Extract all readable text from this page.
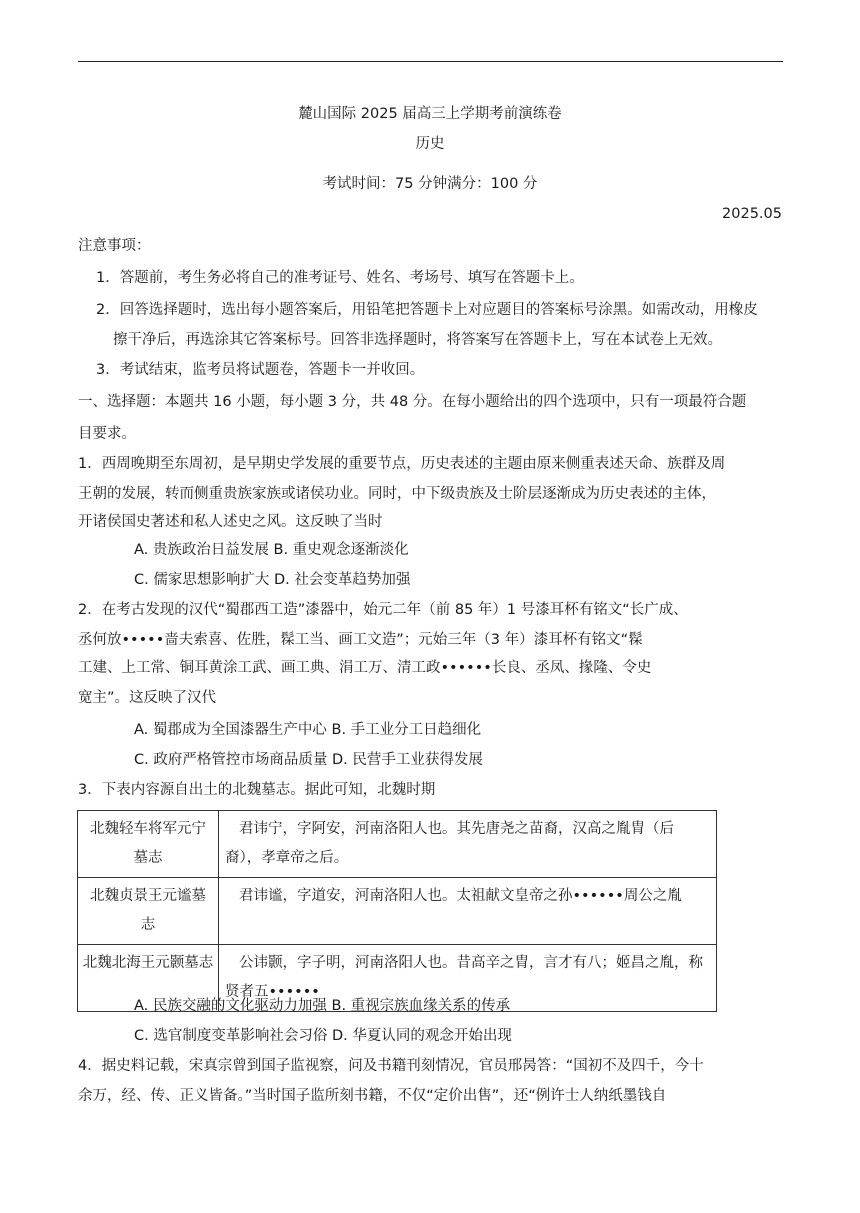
麓山国际 2025 届高三上学期考前演练卷
历史
考试时间：75 分钟满分：100 分
2025.05
注意事项：
1．答题前，考生务必将自己的准考证号、姓名、考场号、填写在答题卡上。
2．回答选择题时，选出每小题答案后，用铅笔把答题卡上对应题目的答案标号涂黑。如需改动，用橡皮
擦干净后，再选涂其它答案标号。回答非选择题时，将答案写在答题卡上，写在本试卷上无效。
3．考试结束，监考员将试题卷，答题卡一并收回。
一、选择题：本题共 16 小题，每小题 3 分，共 48 分。在每小题给出的四个选项中，只有一项最符合题
目要求。
1．西周晚期至东周初，是早期史学发展的重要节点，历史表述的主题由原来侧重表述天命、族群及周
王朝的发展，转而侧重贵族家族或诸侯功业。同时，中下级贵族及士阶层逐渐成为历史表述的主体，
开诸侯国史著述和私人述史之风。这反映了当时
A. 贵族政治日益发展 B. 重史观念逐渐淡化
C. 儒家思想影响扩大 D. 社会变革趋势加强
2．在考古发现的汉代“蜀郡西工造”漆器中，始元二年（前 85 年）1 号漆耳杯有铭文“长广成、
丞何放•••••啬夫索喜、佐胜，髹工当、画工文造”；元始三年（3 年）漆耳杯有铭文“髹
工建、上工常、铜耳黄涂工武、画工典、涓工万、清工政••••••长良、丞凤、掾隆、令史
宽主”。这反映了汉代
A. 蜀郡成为全国漆器生产中心 B. 手工业分工日趋细化
C. 政府严格管控市场商品质量 D. 民营手工业获得发展
3．下表内容源自出土的北魏墓志。据此可知，北魏时期
北魏轻车将军元宁墓志	君讳宁，字阿安，河南洛阳人也。其先唐尧之苗裔，汉高之胤胄（后裔），孝章帝之后。
北魏贞景王元谧墓志	君讳谧，字道安，河南洛阳人也。太祖献文皇帝之孙••••••周公之胤
北魏北海王元颢墓志	公讳颢，字子明，河南洛阳人也。昔高辛之胄，言才有八；姬昌之胤，称贤者五••••••
A. 民族交融的文化驱动力加强 B. 重视宗族血缘关系的传承
C. 选官制度变革影响社会习俗 D. 华夏认同的观念开始出现
4．据史料记载，宋真宗曾到国子监视察，问及书籍刊刻情况，官员邢昺答：“国初不及四千，今十
余万，经、传、正义皆备。”当时国子监所刻书籍，不仅“定价出售”，还“例许士人纳纸墨钱自
